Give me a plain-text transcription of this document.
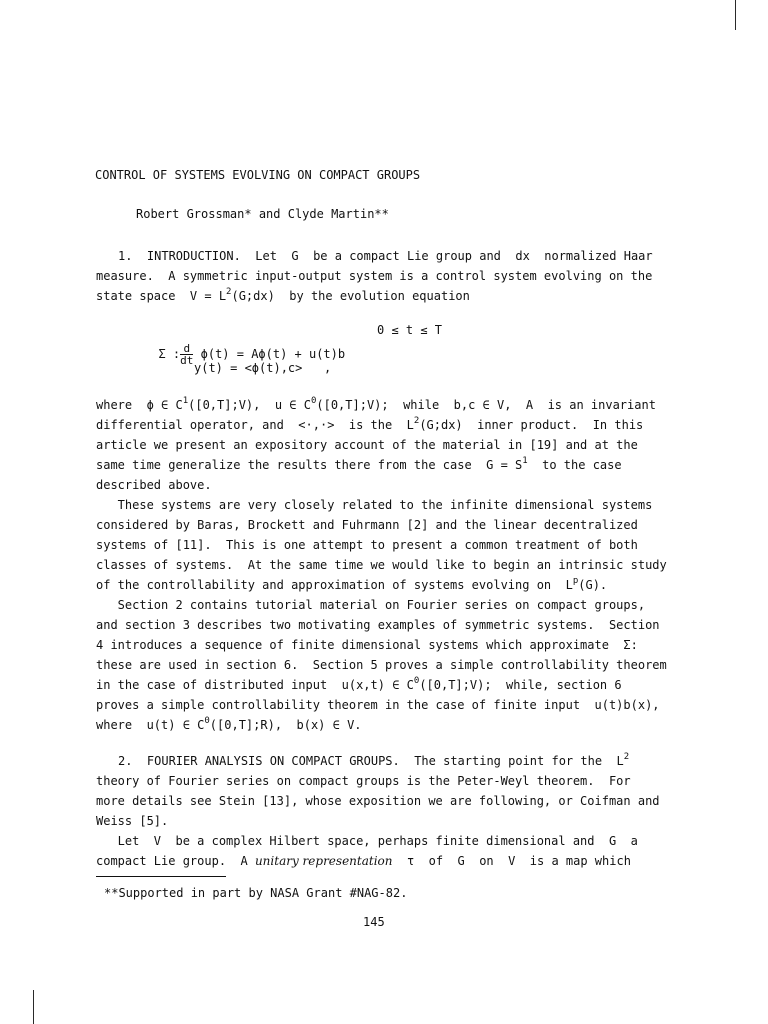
CONTROL OF SYSTEMS EVOLVING ON COMPACT GROUPS
Robert Grossman* and Clyde Martin**
1.  INTRODUCTION.  Let  G  be a compact Lie group and  dx  normalized Haar
measure.  A symmetric input-output system is a control system evolving on the
state space  $V = L^2(G;dx)$  by the evolution equation

Σ : $\frac{d}{dt} \phi(t) = A\phi(t) + u(t)b$

0 ≤ t ≤ T
y(t) = <ϕ(t),c>   ,
where  ϕ ∈ $C^1([0,T];V)$,  u ∈ $C^0([0,T];V)$;  while  b,c ∈ V,  A  is an invariant
differential operator, and  <·,·>  is the  $L^2(G;dx)$  inner product.  In this
article we present an expository account of the material in [19] and at the
same time generalize the results there from the case  $G = S^1$  to the case
described above.
These systems are very closely related to the infinite dimensional systems
considered by Baras, Brockett and Fuhrmann [2] and the linear decentralized
systems of [11].  This is one attempt to present a common treatment of both
classes of systems.  At the same time we would like to begin an intrinsic study
of the controllability and approximation of systems evolving on  $L^p(G)$.
Section 2 contains tutorial material on Fourier series on compact groups,
and section 3 describes two motivating examples of symmetric systems.  Section
4 introduces a sequence of finite dimensional systems which approximate  Σ:
these are used in section 6.  Section 5 proves a simple controllability theorem
in the case of distributed input  u(x,t) ∈ $C^0([0,T];V)$;  while, section 6
proves a simple controllability theorem in the case of finite input  u(t)b(x),
where  u(t) ∈ $C^0([0,T];R)$,  b(x) ∈ V.
2.  FOURIER ANALYSIS ON COMPACT GROUPS.  The starting point for the  $L^2$
theory of Fourier series on compact groups is the Peter-Weyl theorem.  For
more details see Stein [13], whose exposition we are following, or Coifman and
Weiss [5].
Let  V  be a complex Hilbert space, perhaps finite dimensional and  G  a
compact Lie group.  A unitary representation  τ  of  G  on  V  is a map which
**Supported in part by NASA Grant #NAG-82.
145
